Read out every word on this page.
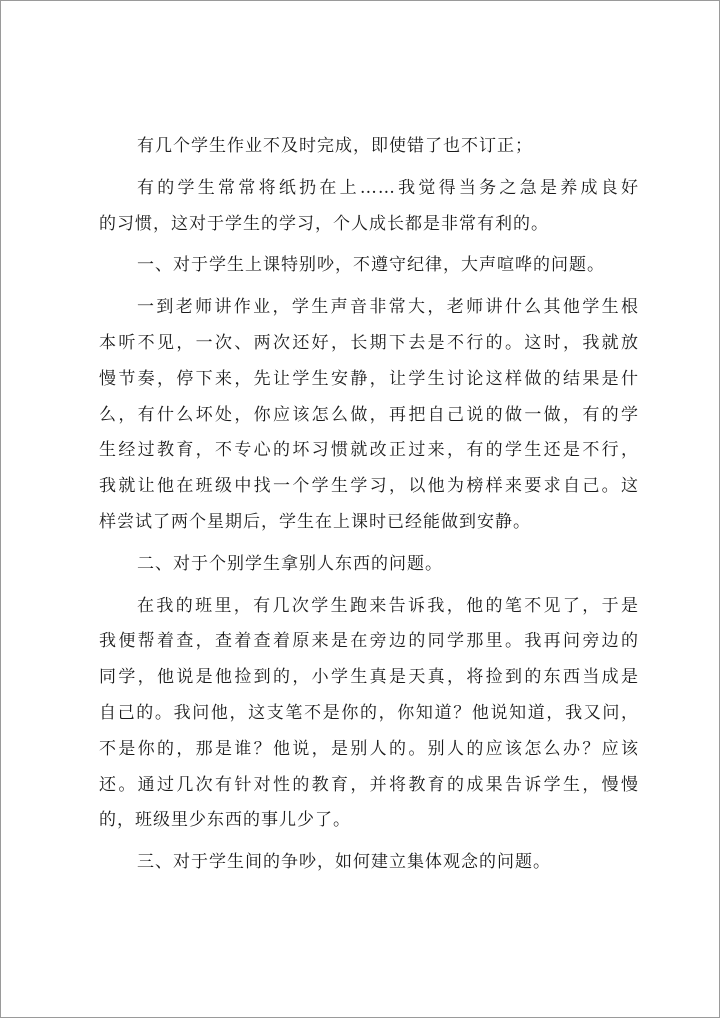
有几个学生作业不及时完成，即使错了也不订正；

有的学生常常将纸扔在上……我觉得当务之急是养成良好
的习惯，这对于学生的学习，个人成长都是非常有利的。

一、对于学生上课特别吵，不遵守纪律，大声喧哗的问题。

一到老师讲作业，学生声音非常大，老师讲什么其他学生根
本听不见，一次、两次还好，长期下去是不行的。这时，我就放
慢节奏，停下来，先让学生安静，让学生讨论这样做的结果是什
么，有什么坏处，你应该怎么做，再把自己说的做一做，有的学
生经过教育，不专心的坏习惯就改正过来，有的学生还是不行，
我就让他在班级中找一个学生学习，以他为榜样来要求自己。这
样尝试了两个星期后，学生在上课时已经能做到安静。

二、对于个别学生拿别人东西的问题。

在我的班里，有几次学生跑来告诉我，他的笔不见了，于是
我便帮着查，查着查着原来是在旁边的同学那里。我再问旁边的
同学，他说是他捡到的，小学生真是天真，将捡到的东西当成是
自己的。我问他，这支笔不是你的，你知道？他说知道，我又问，
不是你的，那是谁？他说，是别人的。别人的应该怎么办？应该
还。通过几次有针对性的教育，并将教育的成果告诉学生，慢慢
的，班级里少东西的事儿少了。

三、对于学生间的争吵，如何建立集体观念的问题。
